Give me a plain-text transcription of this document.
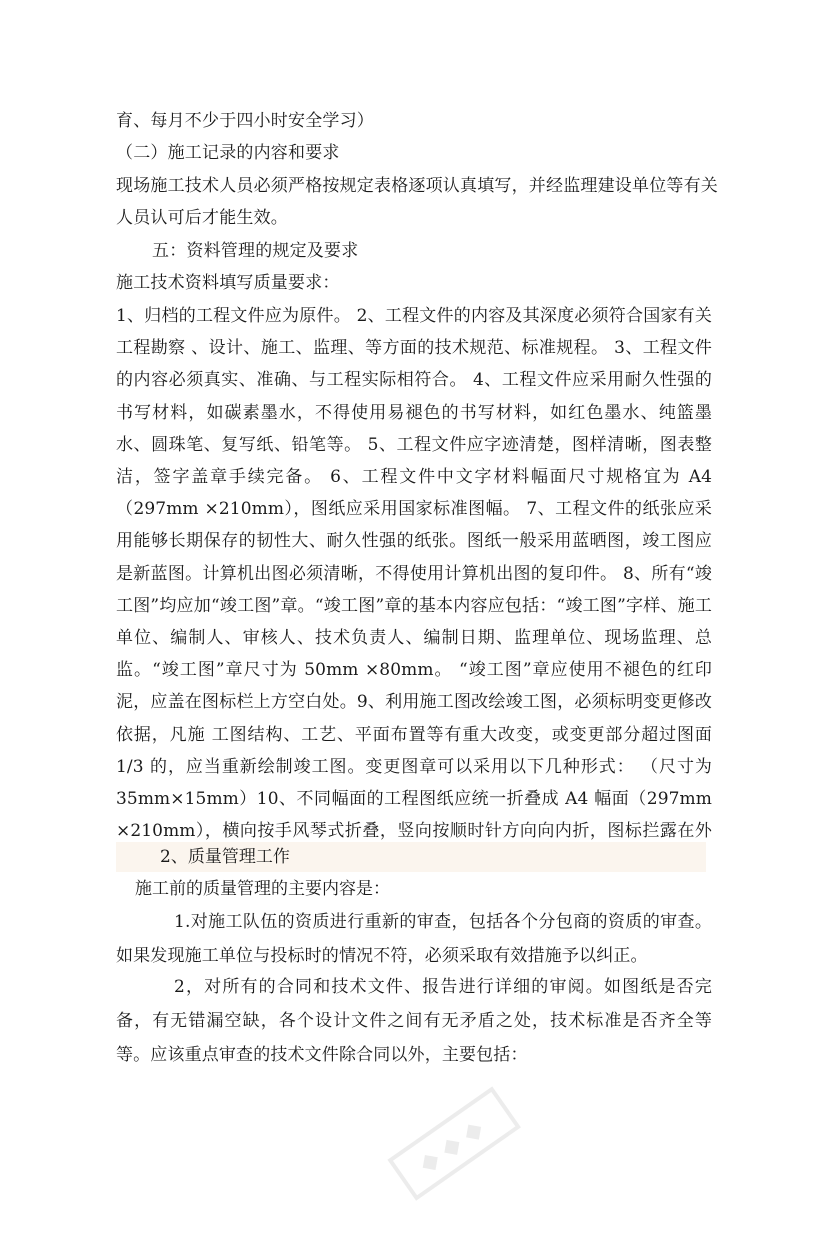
育、每月不少于四小时安全学习）
（二）施工记录的内容和要求
现场施工技术人员必须严格按规定表格逐项认真填写，并经监理建设单位等有关
人员认可后才能生效。
五：资料管理的规定及要求
施工技术资料填写质量要求：
1、归档的工程文件应为原件。 2、工程文件的内容及其深度必须符合国家有关工程勘察 、设计、施工、监理、等方面的技术规范、标准规程。 3、工程文件的内容必须真实、准确、与工程实际相符合。 4、工程文件应采用耐久性强的书写材料，如碳素墨水，不得使用易褪色的书写材料，如红色墨水、纯篮墨水、圆珠笔、复写纸、铅笔等。 5、工程文件应字迹清楚，图样清晰，图表整洁，签字盖章手续完备。 6、工程文件中文字材料幅面尺寸规格宜为 A4（297mm ×210mm），图纸应采用国家标准图幅。 7、工程文件的纸张应采用能够长期保存的韧性大、耐久性强的纸张。图纸一般采用蓝晒图，竣工图应是新蓝图。计算机出图必须清晰，不得使用计算机出图的复印件。 8、所有“竣工图”均应加“竣工图”章。“竣工图”章的基本内容应包括：“竣工图”字样、施工单位、编制人、审核人、技术负责人、编制日期、监理单位、现场监理、总监。“竣工图”章尺寸为 50mm ×80mm。 “竣工图”章应使用不褪色的红印泥，应盖在图标栏上方空白处。9、利用施工图改绘竣工图，必须标明变更修改依据，凡施 工图结构、工艺、平面布置等有重大改变，或变更部分超过图面 1/3 的，应当重新绘制竣工图。变更图章可以采用以下几种形式： （尺寸为 35mm×15mm）10、不同幅面的工程图纸应统一折叠成 A4 幅面（297mm ×210mm），横向按手风琴式折叠，竖向按顺时针方向向内折，图标拦露在外
2、质量管理工作
施工前的质量管理的主要内容是：
1.对施工队伍的资质进行重新的审查，包括各个分包商的资质的审查。如果发现施工单位与投标时的情况不符，必须采取有效措施予以纠正。
2，对所有的合同和技术文件、报告进行详细的审阅。如图纸是否完备，有无错漏空缺，各个设计文件之间有无矛盾之处，技术标准是否齐全等等。应该重点审查的技术文件除合同以外，主要包括：
◆◆◆
